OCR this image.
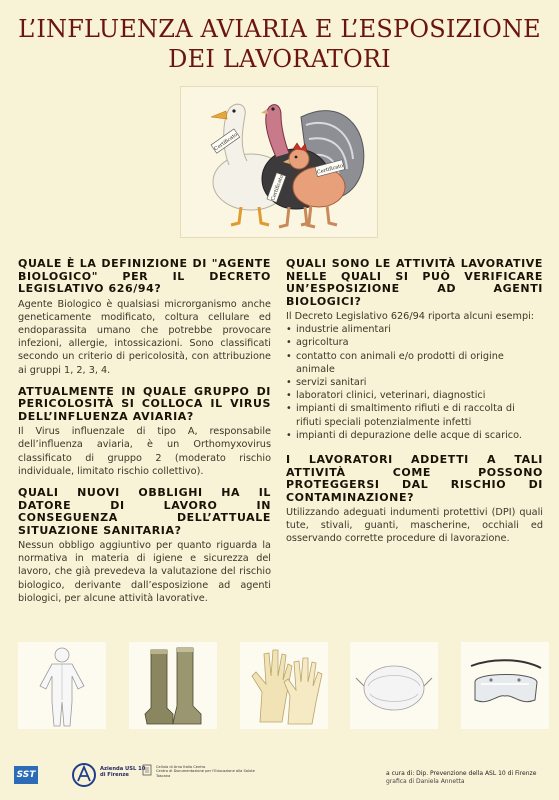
L’INFLUENZA AVIARIA E L’ESPOSIZIONE
DEI LAVORATORI
Certificato
Certificato
Certificato

QUALE È LA DEFINIZIONE DI "AGENTE BIOLOGICO" PER IL DECRETO LEGISLATIVO 626/94?

Agente Biologico è qualsiasi microrganismo anche geneticamente modificato, coltura cellulare ed endoparassita umano che potrebbe provocare infezioni, allergie, intossicazioni. Sono classificati secondo un criterio di pericolosità, con attribuzione ai gruppi 1, 2, 3, 4.

ATTUALMENTE IN QUALE GRUPPO DI PERICOLOSITÀ SI COLLOCA IL VIRUS DELL’INFLUENZA AVIARIA?

Il Virus influenzale di tipo A, responsabile dell’influenza aviaria, è un Orthomyxovirus classificato di gruppo 2 (moderato rischio individuale, limitato rischio collettivo).

QUALI NUOVI OBBLIGHI HA IL DATORE DI LAVORO IN CONSEGUENZA DELL’ATTUALE SITUAZIONE SANITARIA?

Nessun obbligo aggiuntivo per quanto riguarda la normativa in materia di igiene e sicurezza del lavoro, che già prevedeva la valutazione del rischio biologico, derivante dall’esposizione ad agenti biologici, per alcune attività lavorative.

QUALI SONO LE ATTIVITÀ LAVORATIVE NELLE QUALI SI PUÒ VERIFICARE UN’ESPOSIZIONE AD AGENTI BIOLOGICI?

Il Decreto Legislativo 626/94 riporta alcuni esempi:

• industrie alimentari
• agricoltura
• contatto con animali e/o prodotti di origine animale
• servizi sanitari
• laboratori clinici, veterinari, diagnostici
• impianti di smaltimento rifiuti e di raccolta di rifiuti speciali potenzialmente infetti
• impianti di depurazione delle acque di scarico.

I LAVORATORI ADDETTI A TALI ATTIVITÀ COME POSSONO PROTEGGERSI DAL RISCHIO DI CONTAMINAZIONE?

Utilizzando adeguati indumenti protettivi (DPI) quali tute, stivali, guanti, mascherine, occhiali ed osservando corrette procedure di lavorazione.

SST
Azienda USL 10
di Firenze
Cellula di Arno Italia Centro
Centro di Documentazione per l'Educazione alla Salute
Toscana	a cura di: Dip. Prevenzione della ASL 10 di Firenze
grafica di Daniela Annetta
